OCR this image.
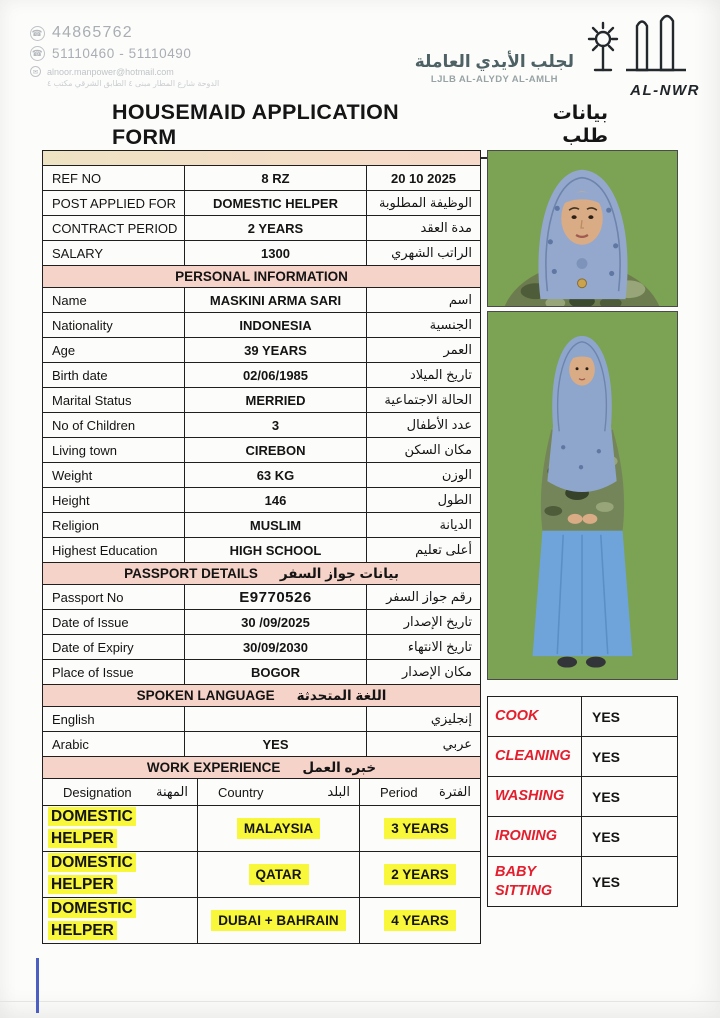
☎ 44865762
☎ 51110460 - 51110490
✉ alnoor.manpower@hotmail.com
الدوحة شارع المطار مبنى ٤ الطابق الشرقي مكتب ٤
لجلب الأيدي العاملة
LJLB AL-ALYDY AL-AMLH
AL-NWR
HOUSEMAID APPLICATION FORM
بيانات طلب

REF NO	8 RZ	20 10 2025
POST APPLIED FOR	DOMESTIC HELPER	الوظيفة المطلوبة
CONTRACT PERIOD	2 YEARS	مدة العقد
SALARY	1300	الراتب الشهري

PERSONAL INFORMATION		

Name	MASKINI ARMA SARI	اسم
Nationality	INDONESIA	الجنسية
Age	39 YEARS	العمر
Birth date	02/06/1985	تاريخ الميلاد
Marital Status	MERRIED	الحالة الاجتماعية
No of Children	3	عدد الأطفال
Living town	CIREBON	مكان السكن
Weight	63 KG	الوزن
Height	146	الطول
Religion	MUSLIM	الديانة
Highest Education	HIGH SCHOOL	أعلى تعليم

PASSPORT DETAILS بيانات جواز السفر		

Passport No	E9770526	رقم جواز السفر
Date of Issue	30 /09/2025	تاريخ الإصدار
Date of Expiry	30/09/2030	تاريخ الانتهاء
Place of Issue	BOGOR	مكان الإصدار

SPOKEN LANGUAGE اللغة المتحدثة		

English		إنجليزي
Arabic	YES	عربي
WORK EXPERIENCE خبره العمل		

Designation المهنة	Country البلد	Period الفترة

DOMESTIC HELPER	MALAYSIA	3 YEARS
DOMESTIC HELPER	QATAR	2 YEARS
DOMESTIC HELPER	DUBAI + BAHRAIN	4 YEARS
COOK	YES
CLEANING	YES
WASHING	YES
IRONING	YES
BABY SITTING	YES
